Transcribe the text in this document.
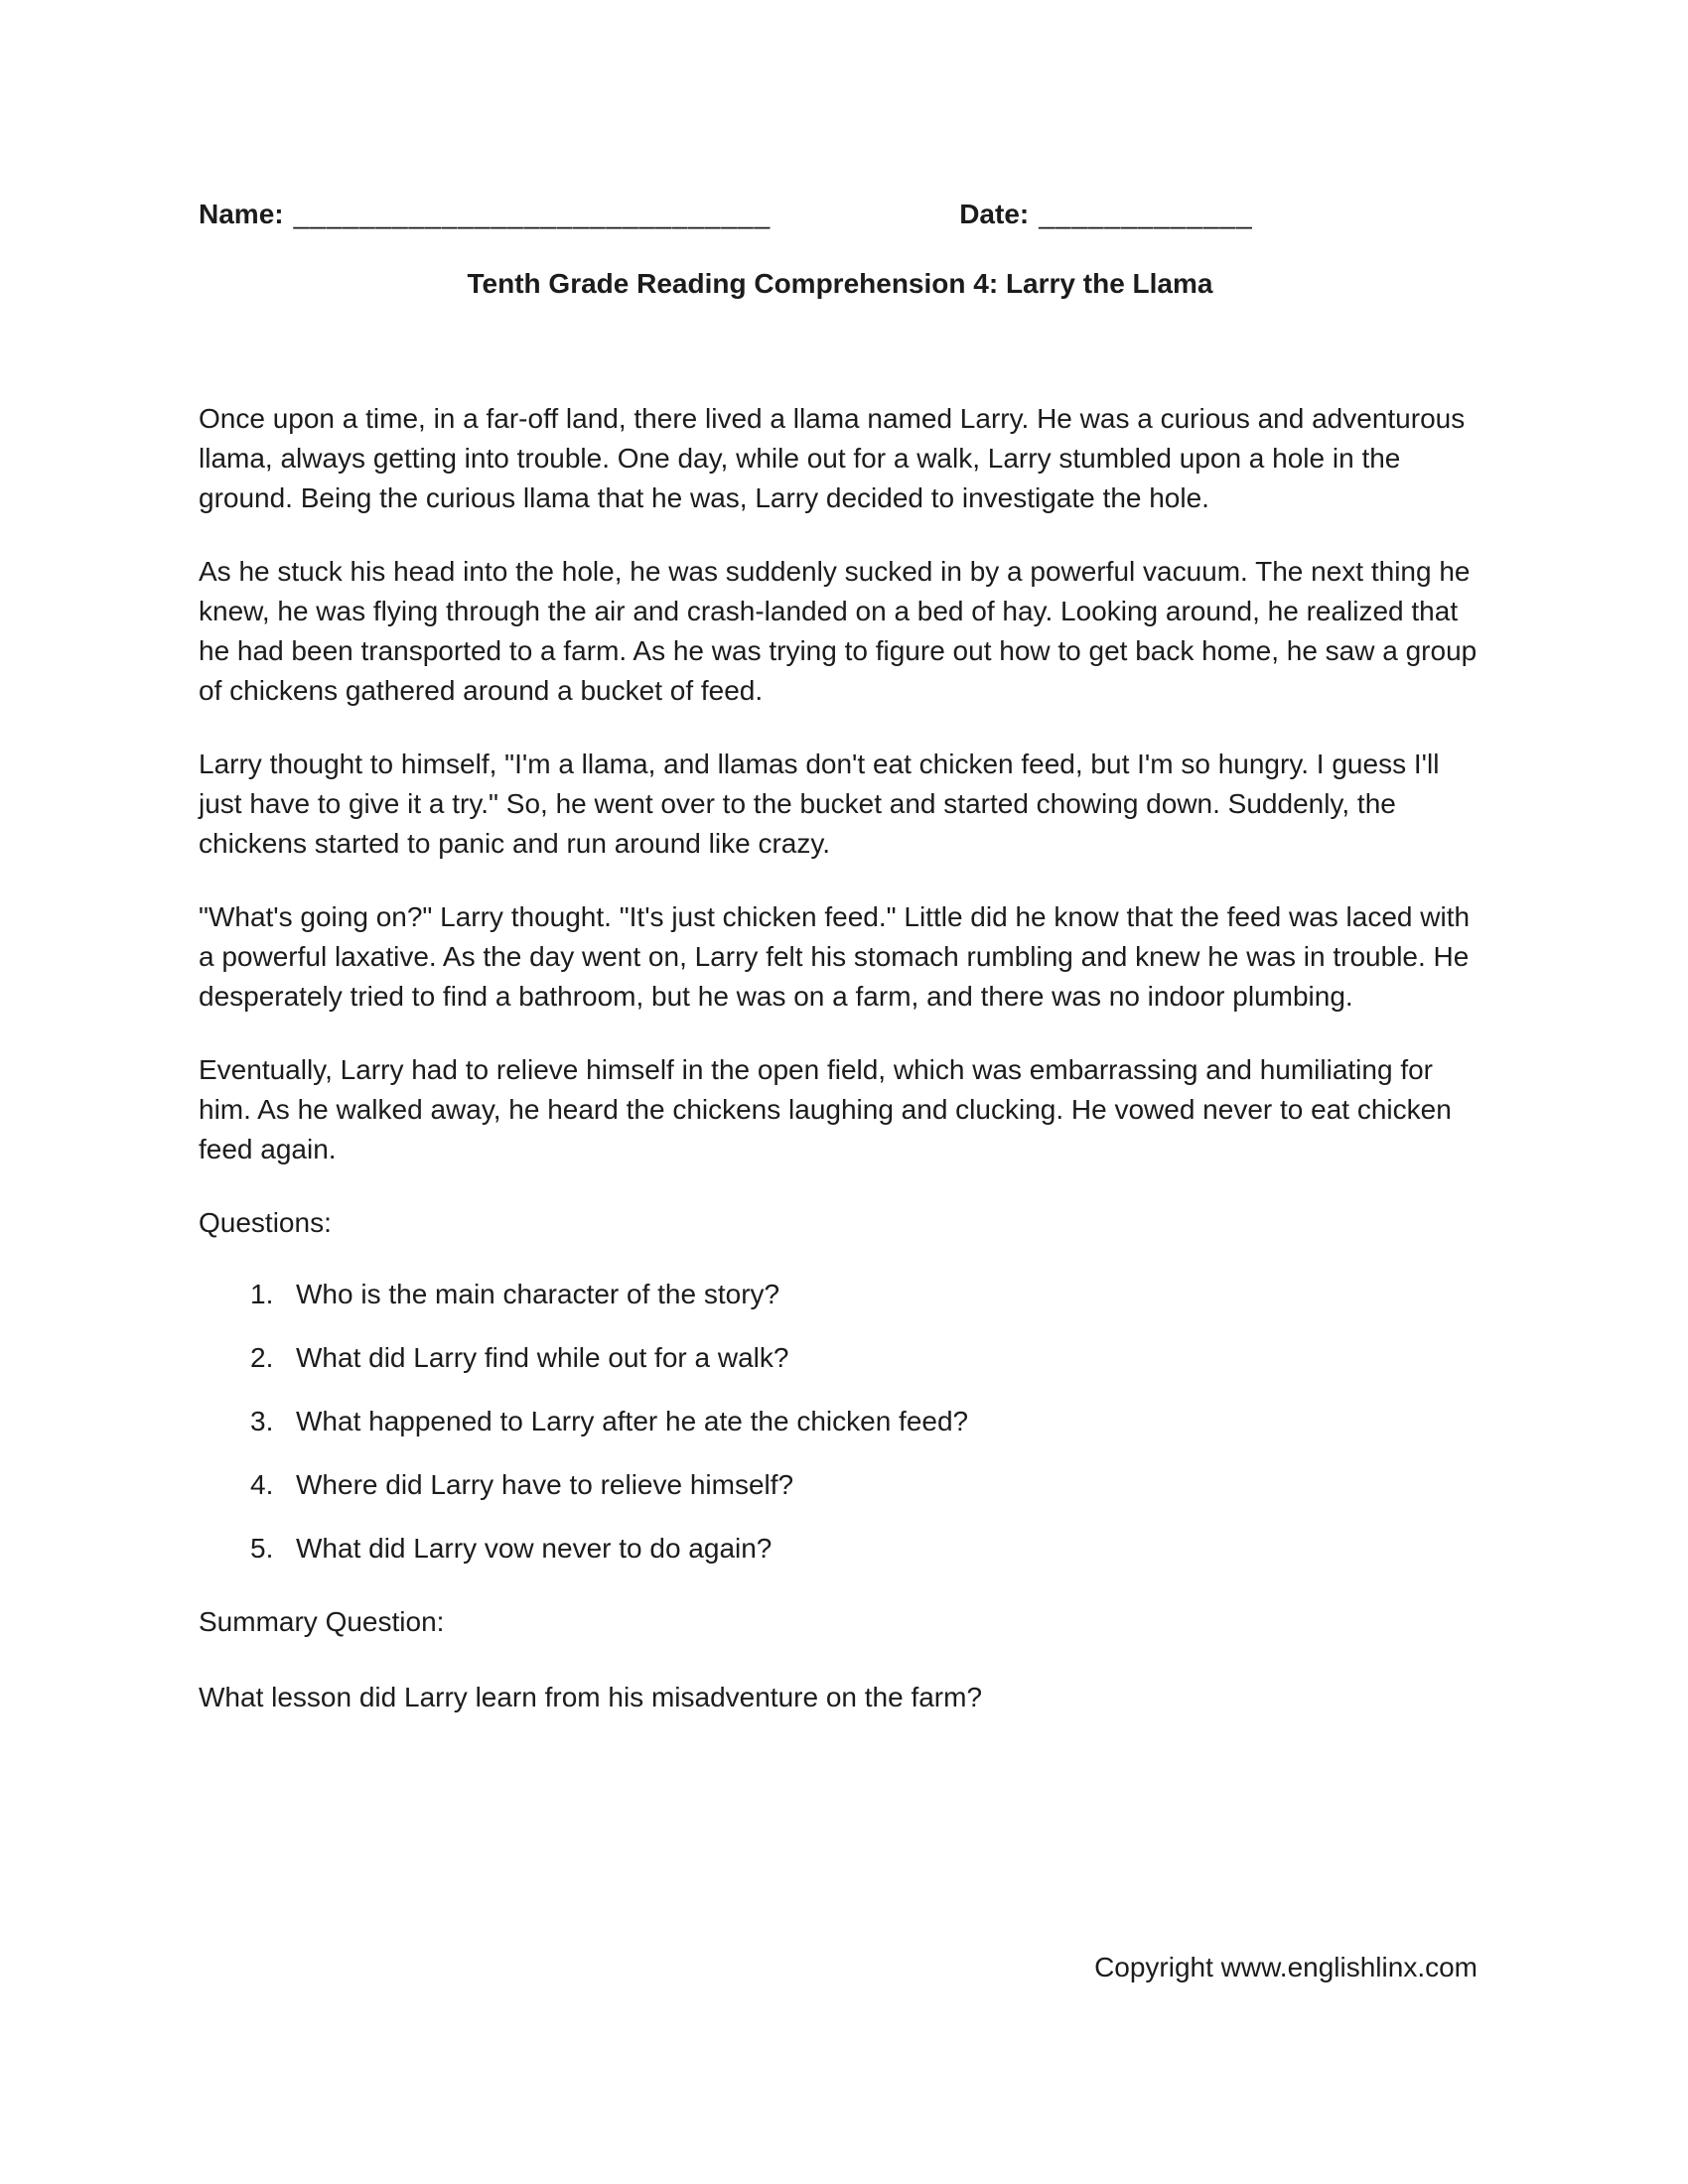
Name: _____________________________	Date: _____________
Tenth Grade Reading Comprehension 4: Larry the Llama

Once upon a time, in a far-off land, there lived a llama named Larry. He was a curious and adventurous llama, always getting into trouble. One day, while out for a walk, Larry stumbled upon a hole in the ground. Being the curious llama that he was, Larry decided to investigate the hole.

As he stuck his head into the hole, he was suddenly sucked in by a powerful vacuum. The next thing he knew, he was flying through the air and crash-landed on a bed of hay. Looking around, he realized that he had been transported to a farm. As he was trying to figure out how to get back home, he saw a group of chickens gathered around a bucket of feed.

Larry thought to himself, "I'm a llama, and llamas don't eat chicken feed, but I'm so hungry. I guess I'll just have to give it a try." So, he went over to the bucket and started chowing down. Suddenly, the chickens started to panic and run around like crazy.

"What's going on?" Larry thought. "It's just chicken feed." Little did he know that the feed was laced with a powerful laxative. As the day went on, Larry felt his stomach rumbling and knew he was in trouble. He desperately tried to find a bathroom, but he was on a farm, and there was no indoor plumbing.

Eventually, Larry had to relieve himself in the open field, which was embarrassing and humiliating for him. As he walked away, he heard the chickens laughing and clucking. He vowed never to eat chicken feed again.

Questions:

1. Who is the main character of the story?
2. What did Larry find while out for a walk?
3. What happened to Larry after he ate the chicken feed?
4. Where did Larry have to relieve himself?
5. What did Larry vow never to do again?

Summary Question:

What lesson did Larry learn from his misadventure on the farm?

Copyright www.englishlinx.com
